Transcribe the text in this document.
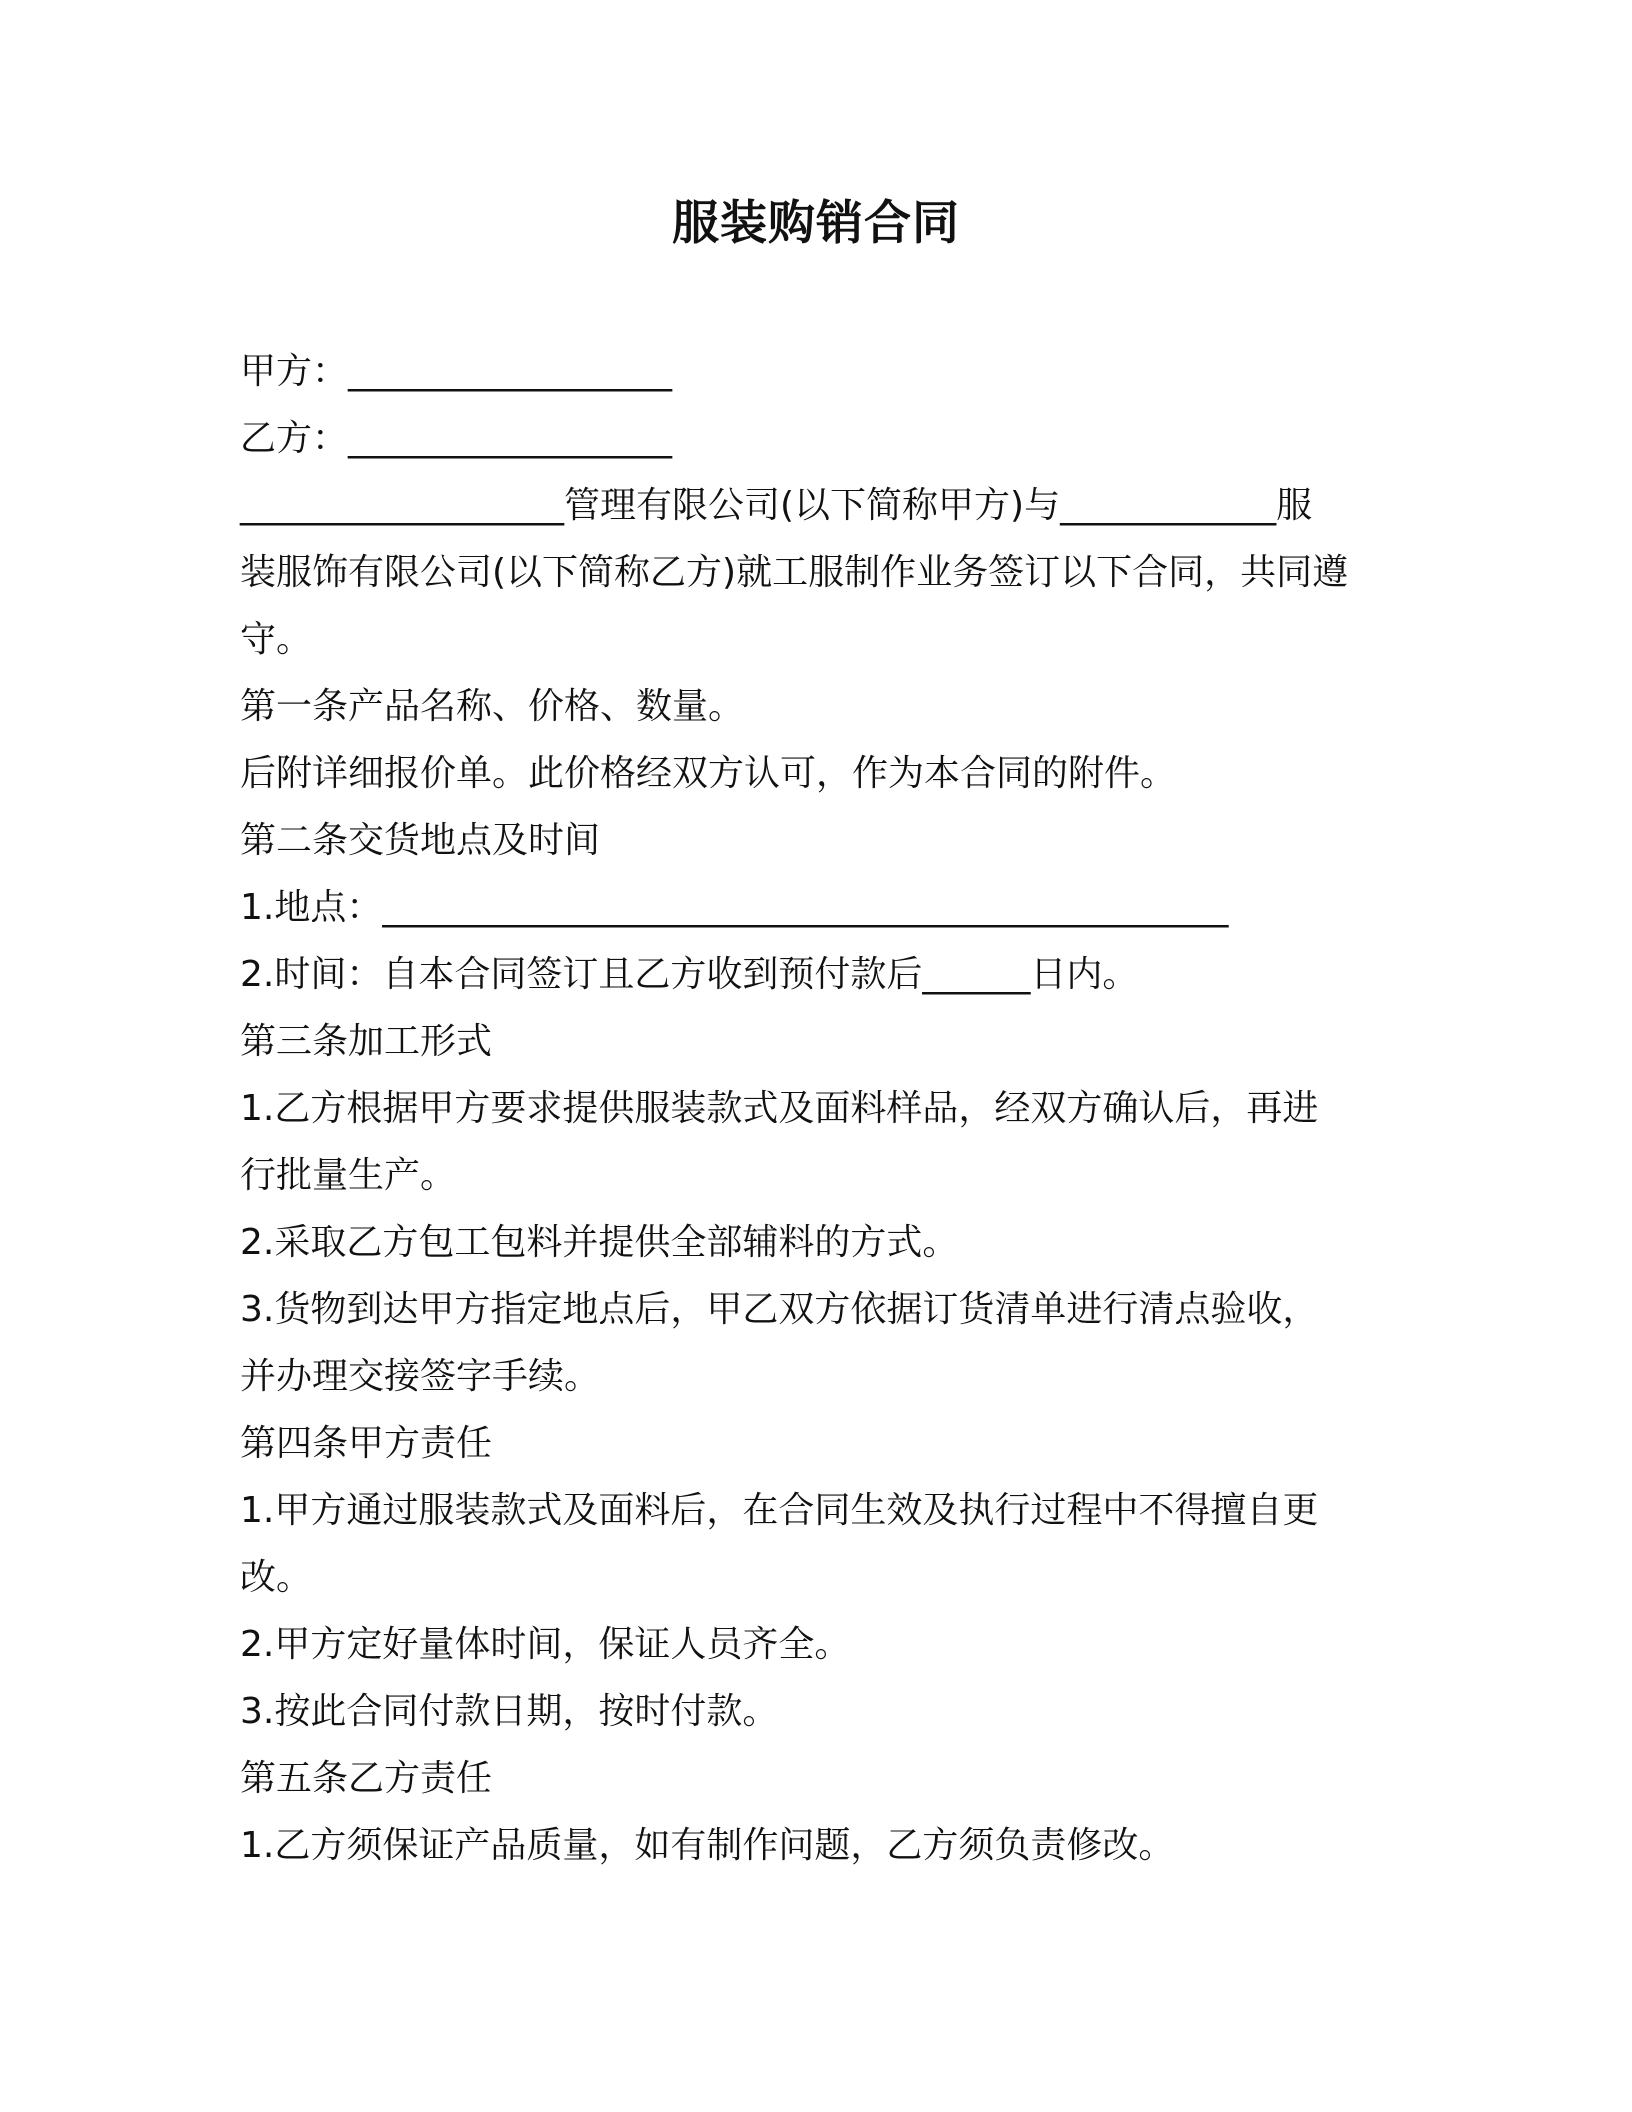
服装购销合同
甲方：__________________
乙方：__________________
__________________管理有限公司(以下简称甲方)与____________服
装服饰有限公司(以下简称乙方)就工服制作业务签订以下合同，共同遵
守。
第一条产品名称、价格、数量。
后附详细报价单。此价格经双方认可，作为本合同的附件。
第二条交货地点及时间
1.地点：_______________________________________________
2.时间：自本合同签订且乙方收到预付款后______日内。
第三条加工形式
1.乙方根据甲方要求提供服装款式及面料样品，经双方确认后，再进
行批量生产。
2.采取乙方包工包料并提供全部辅料的方式。
3.货物到达甲方指定地点后，甲乙双方依据订货清单进行清点验收，
并办理交接签字手续。
第四条甲方责任
1.甲方通过服装款式及面料后，在合同生效及执行过程中不得擅自更
改。
2.甲方定好量体时间，保证人员齐全。
3.按此合同付款日期，按时付款。
第五条乙方责任
1.乙方须保证产品质量，如有制作问题，乙方须负责修改。
